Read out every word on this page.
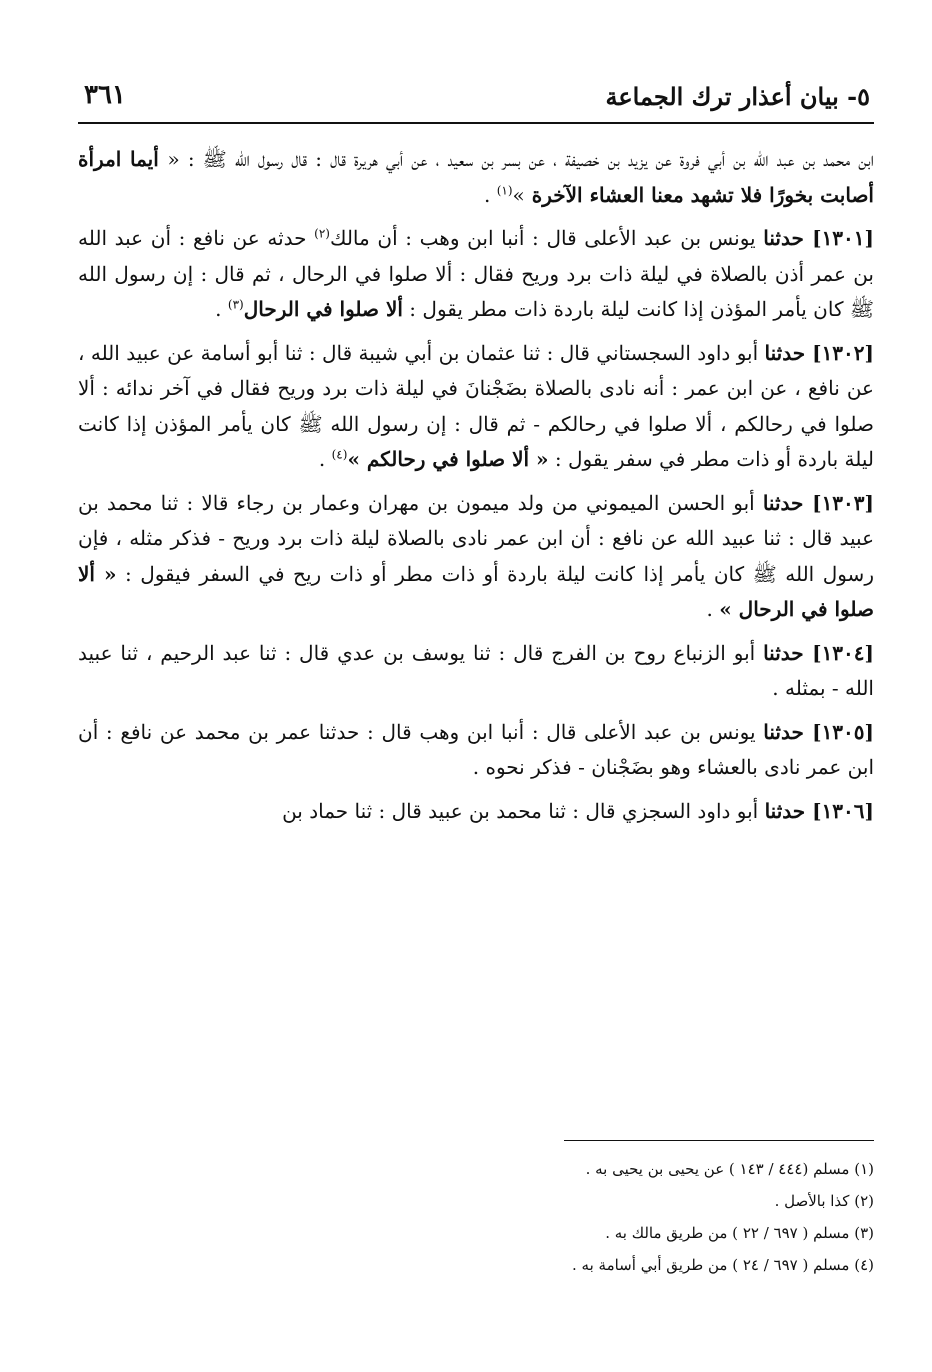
٥- بيان أعذار ترك الجماعة
٣٦١

ابن محمد بن عبد الله بن أبي فروة عن يزيد بن خصيفة ، عن بسر بن سعيد ، عن أبي هريرة قال : قال رسول الله ﷺ : « أيما امرأة أصابت بخورًا فلا تشهد معنا العشاء الآخرة »$^{(١)}$ .

[١٣٠١] حدثنا يونس بن عبد الأعلى قال : أنبا ابن وهب : أن مالك$^{(٢)}$ حدثه عن نافع : أن عبد الله بن عمر أذن بالصلاة في ليلة ذات برد وريح فقال : ألا صلوا في الرحال ، ثم قال : إن رسول الله ﷺ كان يأمر المؤذن إذا كانت ليلة باردة ذات مطر يقول : ألا صلوا في الرحال$^{(٣)}$ .

[١٣٠٢] حدثنا أبو داود السجستاني قال : ثنا عثمان بن أبي شيبة قال : ثنا أبو أسامة عن عبيد الله ، عن نافع ، عن ابن عمر : أنه نادى بالصلاة بضَجْنانَ في ليلة ذات برد وريح فقال في آخر ندائه : ألا صلوا في رحالكم ، ألا صلوا في رحالكم - ثم قال : إن رسول الله ﷺ كان يأمر المؤذن إذا كانت ليلة باردة أو ذات مطر في سفر يقول : « ألا صلوا في رحالكم »$^{(٤)}$ .

[١٣٠٣] حدثنا أبو الحسن الميموني من ولد ميمون بن مهران وعمار بن رجاء قالا : ثنا محمد بن عبيد قال : ثنا عبيد الله عن نافع : أن ابن عمر نادى بالصلاة ليلة ذات برد وريح - فذكر مثله ، فإن رسول الله ﷺ كان يأمر إذا كانت ليلة باردة أو ذات مطر أو ذات ريح في السفر فيقول : « ألا صلوا في الرحال » .

[١٣٠٤] حدثنا أبو الزنباع روح بن الفرج قال : ثنا يوسف بن عدي قال : ثنا عبد الرحيم ، ثنا عبيد الله - بمثله .

[١٣٠٥] حدثنا يونس بن عبد الأعلى قال : أنبا ابن وهب قال : حدثنا عمر بن محمد عن نافع : أن ابن عمر نادى بالعشاء وهو بضَجْنان - فذكر نحوه .

[١٣٠٦] حدثنا أبو داود السجزي قال : ثنا محمد بن عبيد قال : ثنا حماد بن

(١) مسلم (٤٤٤ / ١٤٣ ) عن يحيى بن يحيى به .
(٢) كذا بالأصل .
(٣) مسلم ( ٦٩٧ / ٢٢ ) من طريق مالك به .
(٤) مسلم ( ٦٩٧ / ٢٤ ) من طريق أبي أسامة به .
